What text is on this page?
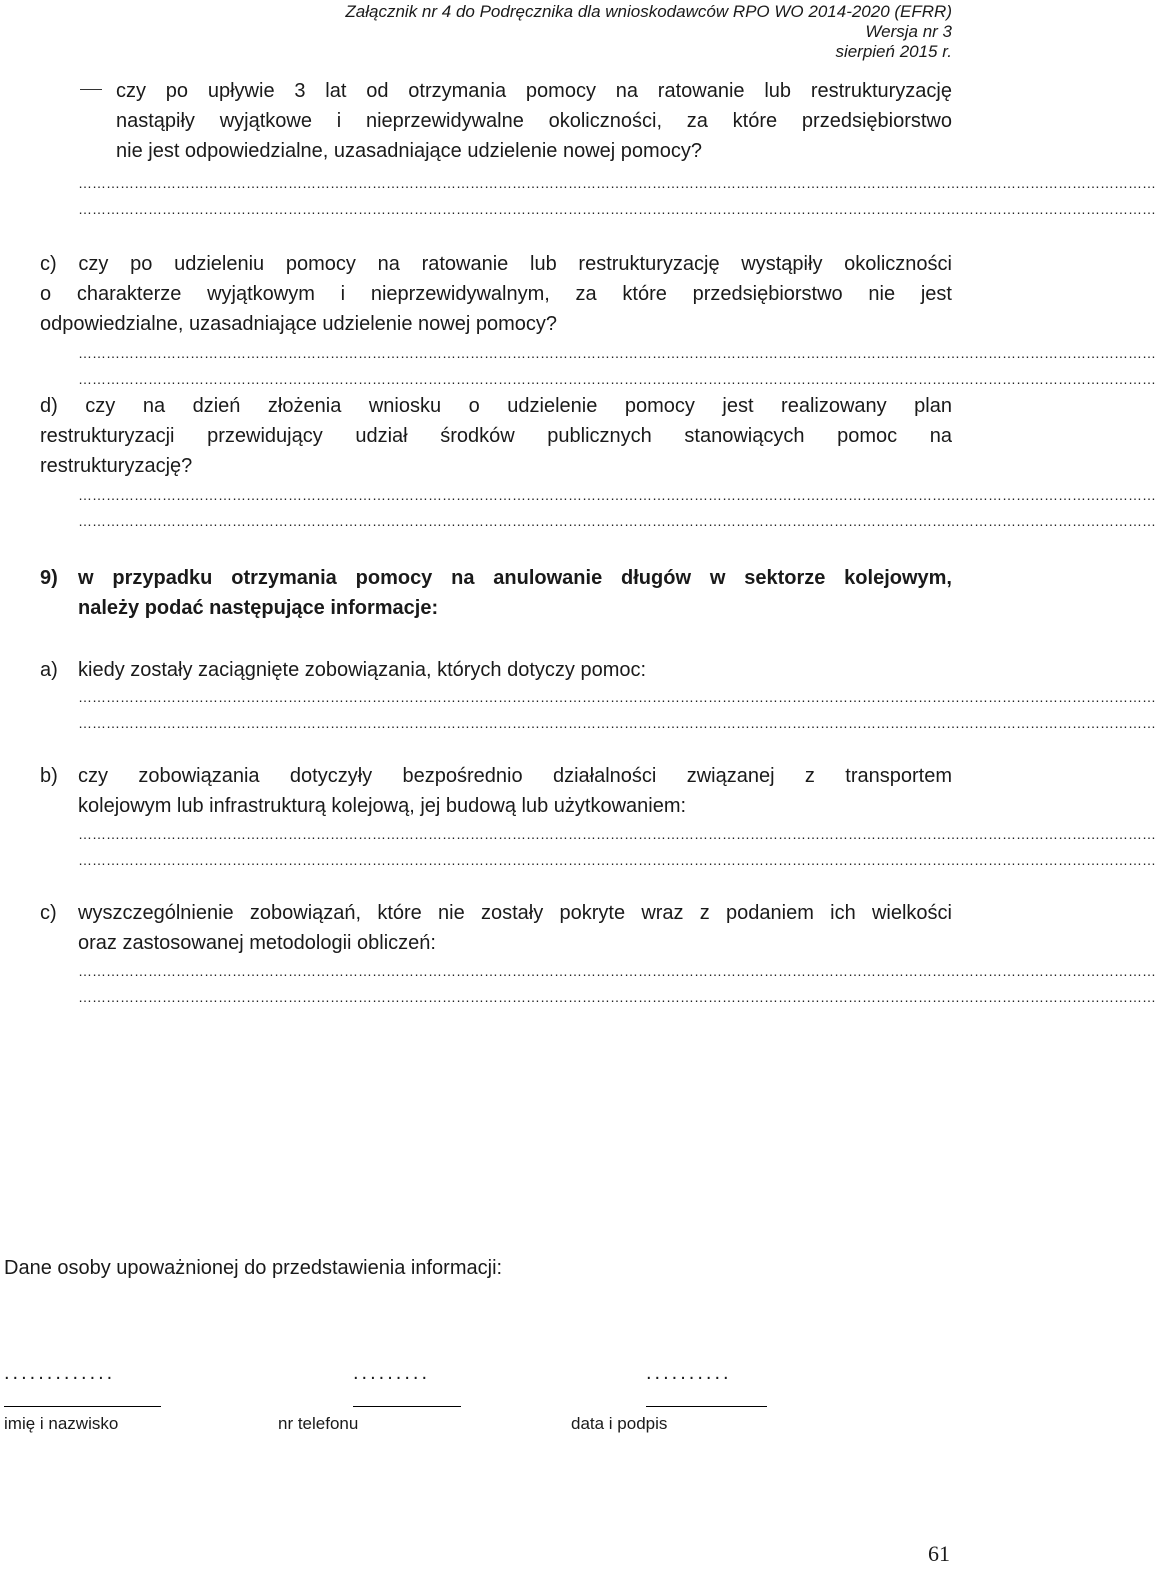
Załącznik nr 4 do Podręcznika dla wnioskodawców RPO WO 2014-2020 (EFRR)
Wersja nr 3
sierpień 2015 r.
czy po upływie 3 lat od otrzymania pomocy na ratowanie lub restrukturyzację
nastąpiły wyjątkowe i nieprzewidywalne okoliczności, za które przedsiębiorstwo
nie jest odpowiedzialne, uzasadniające udzielenie nowej pomocy?
……………………………………………………………………………………………………………………………………………………………………………………………………………
……………………………………………………………………………………………………………………………………………………………………………………………………………
c) czy po udzieleniu pomocy na ratowanie lub restrukturyzację wystąpiły okoliczności
o charakterze wyjątkowym i nieprzewidywalnym, za które przedsiębiorstwo nie jest
odpowiedzialne, uzasadniające udzielenie nowej pomocy?
……………………………………………………………………………………………………………………………………………………………………………………………………………
……………………………………………………………………………………………………………………………………………………………………………………………………………
d) czy na dzień złożenia wniosku o udzielenie pomocy jest realizowany plan
restrukturyzacji przewidujący udział środków publicznych stanowiących pomoc na
restrukturyzację?
……………………………………………………………………………………………………………………………………………………………………………………………………………
……………………………………………………………………………………………………………………………………………………………………………………………………………
9)	w przypadku otrzymania pomocy na anulowanie długów w sektorze kolejowym,
należy podać następujące informacje:
a)	kiedy zostały zaciągnięte zobowiązania, których dotyczy pomoc:
……………………………………………………………………………………………………………………………………………………………………………………………………………
……………………………………………………………………………………………………………………………………………………………………………………………………………
b)	czy zobowiązania dotyczyły bezpośrednio działalności związanej z transportem
kolejowym lub infrastrukturą kolejową, jej budową lub użytkowaniem:
……………………………………………………………………………………………………………………………………………………………………………………………………………
……………………………………………………………………………………………………………………………………………………………………………………………………………
c)	wyszczególnienie zobowiązań, które nie zostały pokryte wraz z podaniem ich wielkości
oraz zastosowanej metodologii obliczeń:
……………………………………………………………………………………………………………………………………………………………………………………………………………
……………………………………………………………………………………………………………………………………………………………………………………………………………
Dane osoby upoważnionej do przedstawienia informacji:
.............
imię i nazwisko
.........
nr telefonu
..........
data i podpis
61
